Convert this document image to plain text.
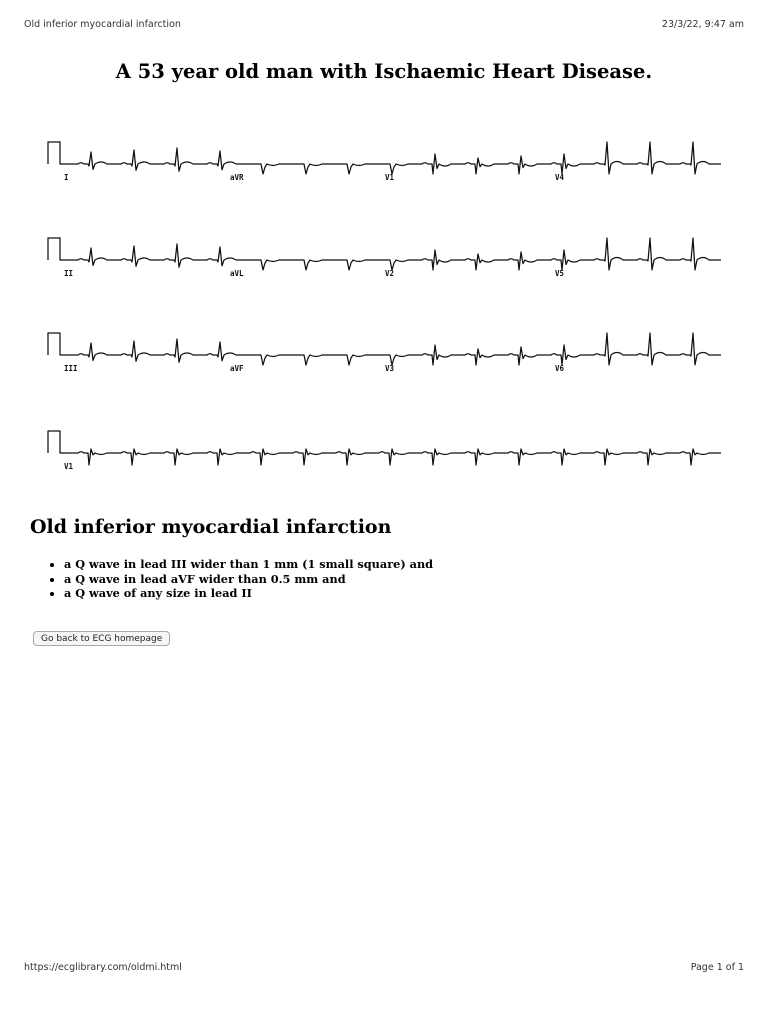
Old inferior myocardial infarction	23/3/22, 9:47 am
A 53 year old man with Ischaemic Heart Disease.
I	aVR	V1	V4
II	aVL	V2	V5
III	aVF	V3	V6
V1
Old inferior myocardial infarction
• a Q wave in lead III wider than 1 mm (1 small square) and
• a Q wave in lead aVF wider than 0.5 mm and
• a Q wave of any size in lead II
Go back to ECG homepage
https://ecglibrary.com/oldmi.html	Page 1 of 1
